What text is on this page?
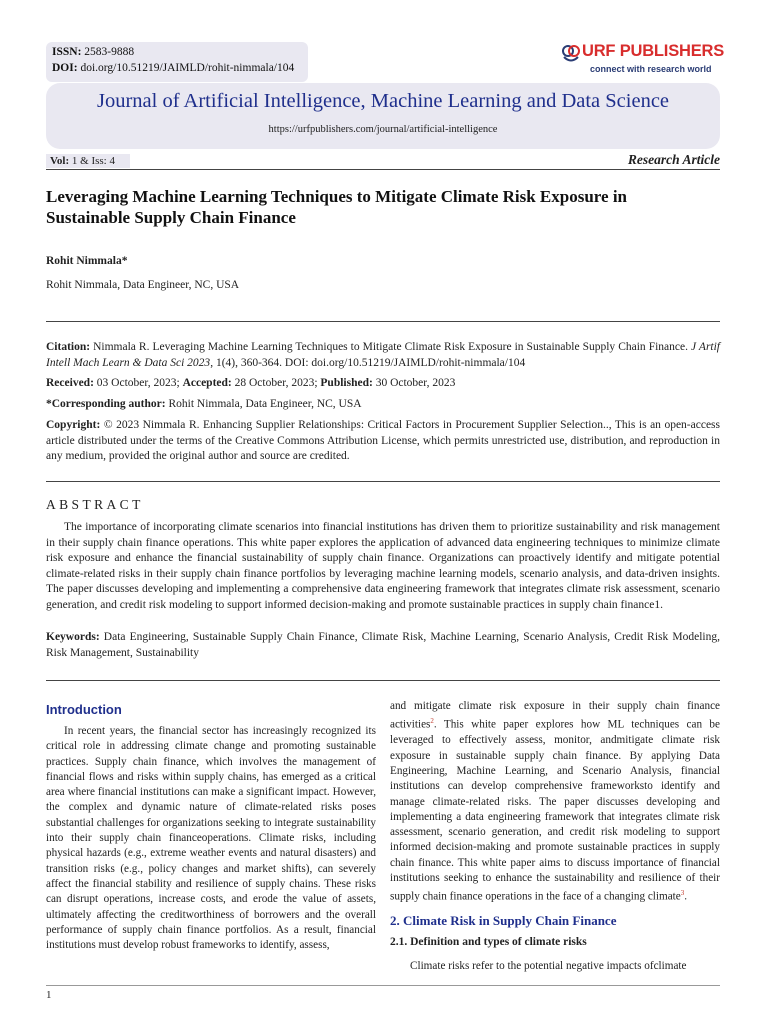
ISSN: 2583-9888
DOI: doi.org/10.51219/JAIMLD/rohit-nimmala/104
URF PUBLISHERS
connect with research world
Journal of Artificial Intelligence, Machine Learning and Data Science
https://urfpublishers.com/journal/artificial-intelligence
Vol: 1 & Iss: 4	Research Article
Leveraging Machine Learning Techniques to Mitigate Climate Risk Exposure in
Sustainable Supply Chain Finance
Rohit Nimmala*
Rohit Nimmala, Data Engineer, NC, USA
Citation: Nimmala R. Leveraging Machine Learning Techniques to Mitigate Climate Risk Exposure in Sustainable Supply Chain Finance. J Artif Intell Mach Learn & Data Sci 2023, 1(4), 360-364. DOI: doi.org/10.51219/JAIMLD/rohit-nimmala/104
Received: 03 October, 2023; Accepted: 28 October, 2023; Published: 30 October, 2023
*Corresponding author: Rohit Nimmala, Data Engineer, NC, USA
Copyright: © 2023 Nimmala R. Enhancing Supplier Relationships: Critical Factors in Procurement Supplier Selection.., This is an open-access article distributed under the terms of the Creative Commons Attribution License, which permits unrestricted use, distribution, and reproduction in any medium, provided the original author and source are credited.
ABSTRACT
The importance of incorporating climate scenarios into financial institutions has driven them to prioritize sustainability and risk management in their supply chain finance operations. This white paper explores the application of advanced data engineering techniques to minimize climate risk exposure and enhance the financial sustainability of supply chain finance. Organizations can proactively identify and mitigate potential climate-related risks in their supply chain finance portfolios by leveraging machine learning models, scenario analysis, and data-driven insights. The paper discusses developing and implementing a comprehensive data engineering framework that integrates climate risk assessment, scenario generation, and credit risk modeling to support informed decision-making and promote sustainable practices in supply chain finance1.
Keywords: Data Engineering, Sustainable Supply Chain Finance, Climate Risk, Machine Learning, Scenario Analysis, Credit Risk Modeling, Risk Management, Sustainability
Introduction

In recent years, the financial sector has increasingly recognized its critical role in addressing climate change and promoting sustainable practices. Supply chain finance, which involves the management of financial flows and risks within supply chains, has emerged as a critical area where financial institutions can make a significant impact. However, the complex and dynamic nature of climate-related risks poses substantial challenges for organizations seeking to integrate sustainability into their supply chain financeoperations. Climate risks, including physical hazards (e.g., extreme weather events and natural disasters) and transition risks (e.g., policy changes and market shifts), can severely affect the financial stability and resilience of supply chains. These risks can disrupt operations, increase costs, and erode the value of assets, ultimately affecting the creditworthiness of borrowers and the overall performance of supply chain finance portfolios. As a result, financial institutions must develop robust frameworks to identify, assess,

and mitigate climate risk exposure in their supply chain finance activities$^2$. This white paper explores how ML techniques can be leveraged to effectively assess, monitor, andmitigate climate risk exposure in sustainable supply chain finance. By applying Data Engineering, Machine Learning, and Scenario Analysis, financial institutions can develop comprehensive frameworksto identify and manage climate-related risks. The paper discusses developing and implementing a data engineering framework that integrates climate risk assessment, scenario generation, and credit risk modeling to support informed decision-making and promote sustainable practices in supply chain finance. This white paper aims to discuss importance of financial institutions seeking to enhance the sustainability and resilience of their supply chain finance operations in the face of a changing climate$^3$.

2. Climate Risk in Supply Chain Finance
2.1. Definition and types of climate risks
Climate risks refer to the potential negative impacts ofclimate
1
